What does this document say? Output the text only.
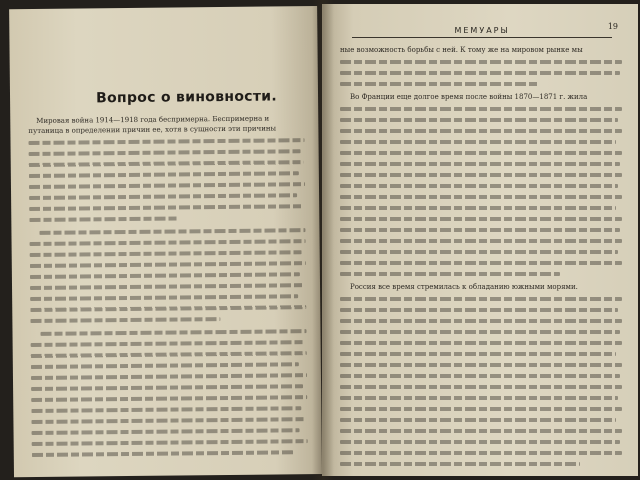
Вопрос о виновности.
Мировая война 1914—1918 года беспримерна. Беспримерна и
путаница в определении причин ее, хотя в сущности эти причины
МЕМУАРЫ	19
ные возможность борьбы с ней. К тому же на мировом рынке мы
Во Франции еще долгое время после войны 1870—1871 г. жила
Россия все время стремилась к обладанию южными морями.
